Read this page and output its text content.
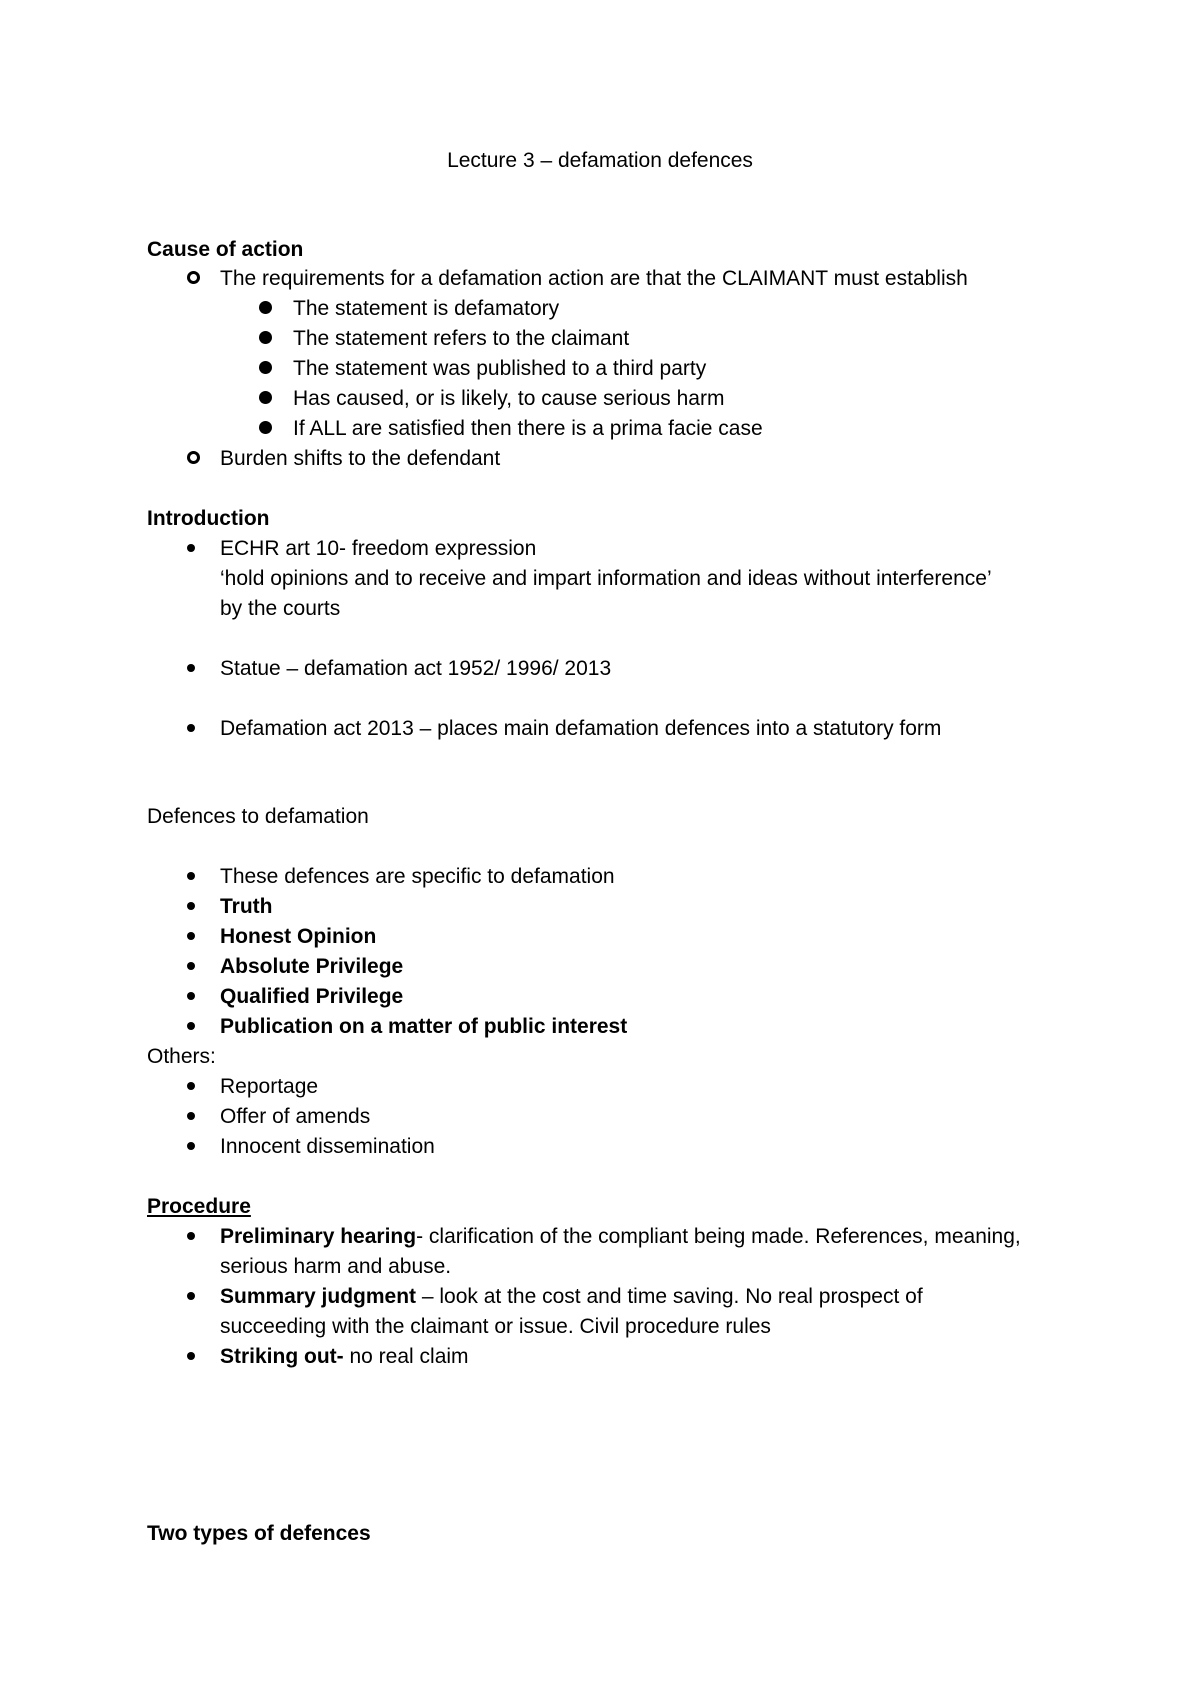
Lecture 3 – defamation defences
Cause of action
The requirements for a defamation action are that the CLAIMANT must establish
The statement is defamatory
The statement refers to the claimant
The statement was published to a third party
Has caused, or is likely, to cause serious harm
If ALL are satisfied then there is a prima facie case
Burden shifts to the defendant
Introduction
ECHR art 10- freedom expression
‘hold opinions and to receive and impart information and ideas without interference’
by the courts
Statue – defamation act 1952/ 1996/ 2013
Defamation act 2013 – places main defamation defences into a statutory form
Defences to defamation
These defences are specific to defamation
Truth
Honest Opinion
Absolute Privilege
Qualified Privilege
Publication on a matter of public interest
Others:
Reportage
Offer of amends
Innocent dissemination
Procedure
Preliminary hearing- clarification of the compliant being made. References, meaning,
serious harm and abuse.
Summary judgment – look at the cost and time saving. No real prospect of
succeeding with the claimant or issue. Civil procedure rules
Striking out- no real claim
Two types of defences
